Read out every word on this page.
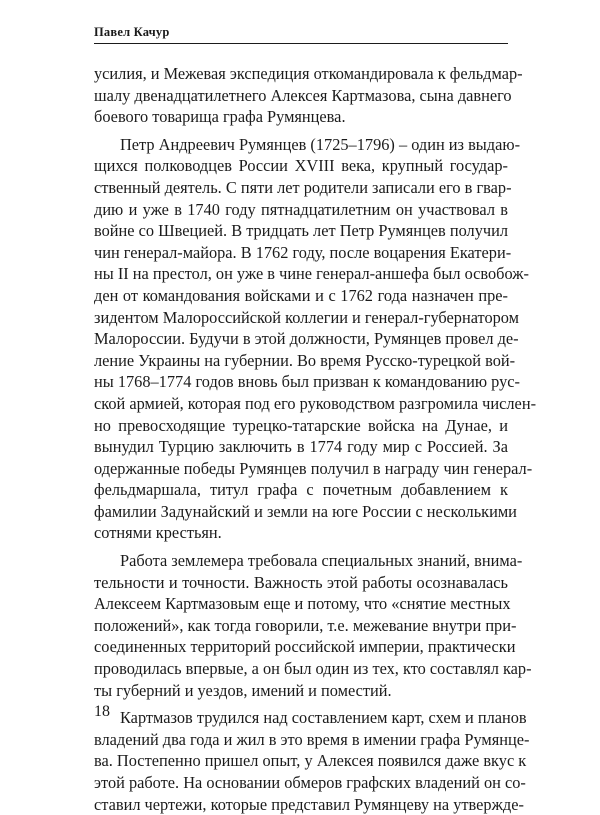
Павел Качур
усилия, и Межевая экспедиция откомандировала к фельдмар-
шалу двенадцатилетнего Алексея Картмазова, сына давнего
боевого товарища графа Румянцева.
Петр Андреевич Румянцев (1725–1796) – один из выдаю-
щихся полководцев России XVIII века, крупный государ-
ственный деятель. С пяти лет родители записали его в гвар-
дию и уже в 1740 году пятнадцатилетним он участвовал в
войне со Швецией. В тридцать лет Петр Румянцев получил
чин генерал-майора. В 1762 году, после воцарения Екатери-
ны II на престол, он уже в чине генерал-аншефа был освобож-
ден от командования войсками и с 1762 года назначен пре-
зидентом Малороссийской коллегии и генерал-губернатором
Малороссии. Будучи в этой должности, Румянцев провел де-
ление Украины на губернии. Во время Русско-турецкой вой-
ны 1768–1774 годов вновь был призван к командованию рус-
ской армией, которая под его руководством разгромила числен-
но превосходящие турецко-татарские войска на Дунае, и
вынудил Турцию заключить в 1774 году мир с Россией. За
одержанные победы Румянцев получил в награду чин генерал-
фельдмаршала, титул графа с почетным добавлением к
фамилии Задунайский и земли на юге России с несколькими
сотнями крестьян.
Работа землемера требовала специальных знаний, внима-
тельности и точности. Важность этой работы осознавалась
Алексеем Картмазовым еще и потому, что «снятие местных
положений», как тогда говорили, т.е. межевание внутри при-
соединенных территорий российской империи, практически
проводилась впервые, а он был один из тех, кто составлял кар-
ты губерний и уездов, имений и поместий.
Картмазов трудился над составлением карт, схем и планов
владений два года и жил в это время в имении графа Румянце-
ва. Постепенно пришел опыт, у Алексея появился даже вкус к
этой работе. На основании обмеров графских владений он со-
ставил чертежи, которые представил Румянцеву на утвержде-
18
